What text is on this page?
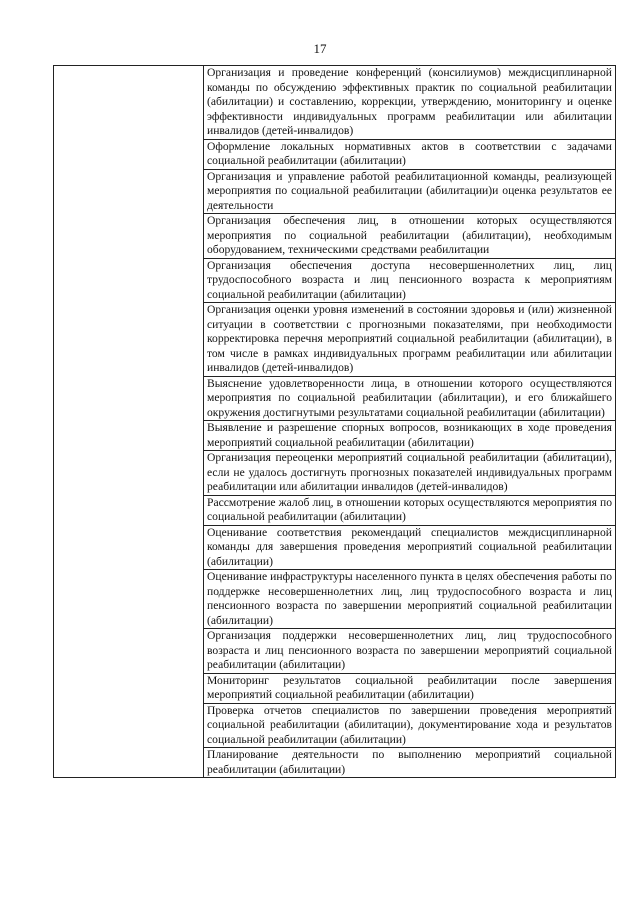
17

Организация и проведение конференций (консилиумов) междисциплинарной команды по обсуждению эффективных практик по социальной реабилитации (абилитации) и составлению, коррекции, утверждению, мониторингу и оценке эффективности индивидуальных программ реабилитации или абилитации инвалидов (детей-инвалидов)

Оформление локальных нормативных актов в соответствии с задачами социальной реабилитации (абилитации)

Организация и управление работой реабилитационной команды, реализующей мероприятия по социальной реабилитации (абилитации)и оценка результатов ее деятельности

Организация обеспечения лиц, в отношении которых осуществляются мероприятия по социальной реабилитации (абилитации), необходимым оборудованием, техническими средствами реабилитации

Организация обеспечения доступа несовершеннолетних лиц, лиц трудоспособного возраста и лиц пенсионного возраста к мероприятиям социальной реабилитации (абилитации)

Организация оценки уровня изменений в состоянии здоровья и (или) жизненной ситуации в соответствии с прогнозными показателями, при необходимости корректировка перечня мероприятий социальной реабилитации (абилитации), в том числе в рамках индивидуальных программ реабилитации или абилитации инвалидов (детей-инвалидов)

Выяснение удовлетворенности лица, в отношении которого осуществляются мероприятия по социальной реабилитации (абилитации), и его ближайшего окружения достигнутыми результатами социальной реабилитации (абилитации)

Выявление и разрешение спорных вопросов, возникающих в ходе проведения мероприятий социальной реабилитации (абилитации)

Организация переоценки мероприятий социальной реабилитации (абилитации), если не удалось достигнуть прогнозных показателей индивидуальных программ реабилитации или абилитации инвалидов (детей-инвалидов)

Рассмотрение жалоб лиц, в отношении которых осуществляются мероприятия по социальной реабилитации (абилитации)

Оценивание соответствия рекомендаций специалистов междисциплинарной команды для завершения проведения мероприятий социальной реабилитации (абилитации)

Оценивание инфраструктуры населенного пункта в целях обеспечения работы по поддержке несовершеннолетних лиц, лиц трудоспособного возраста и лиц пенсионного возраста по завершении мероприятий социальной реабилитации (абилитации)

Организация поддержки несовершеннолетних лиц, лиц трудоспособного возраста и лиц пенсионного возраста по завершении мероприятий социальной реабилитации (абилитации)

Мониторинг результатов социальной реабилитации после завершения мероприятий социальной реабилитации (абилитации)

Проверка отчетов специалистов по завершении проведения мероприятий социальной реабилитации (абилитации), документирование хода и результатов социальной реабилитации (абилитации)

Планирование деятельности по выполнению мероприятий социальной реабилитации (абилитации)
